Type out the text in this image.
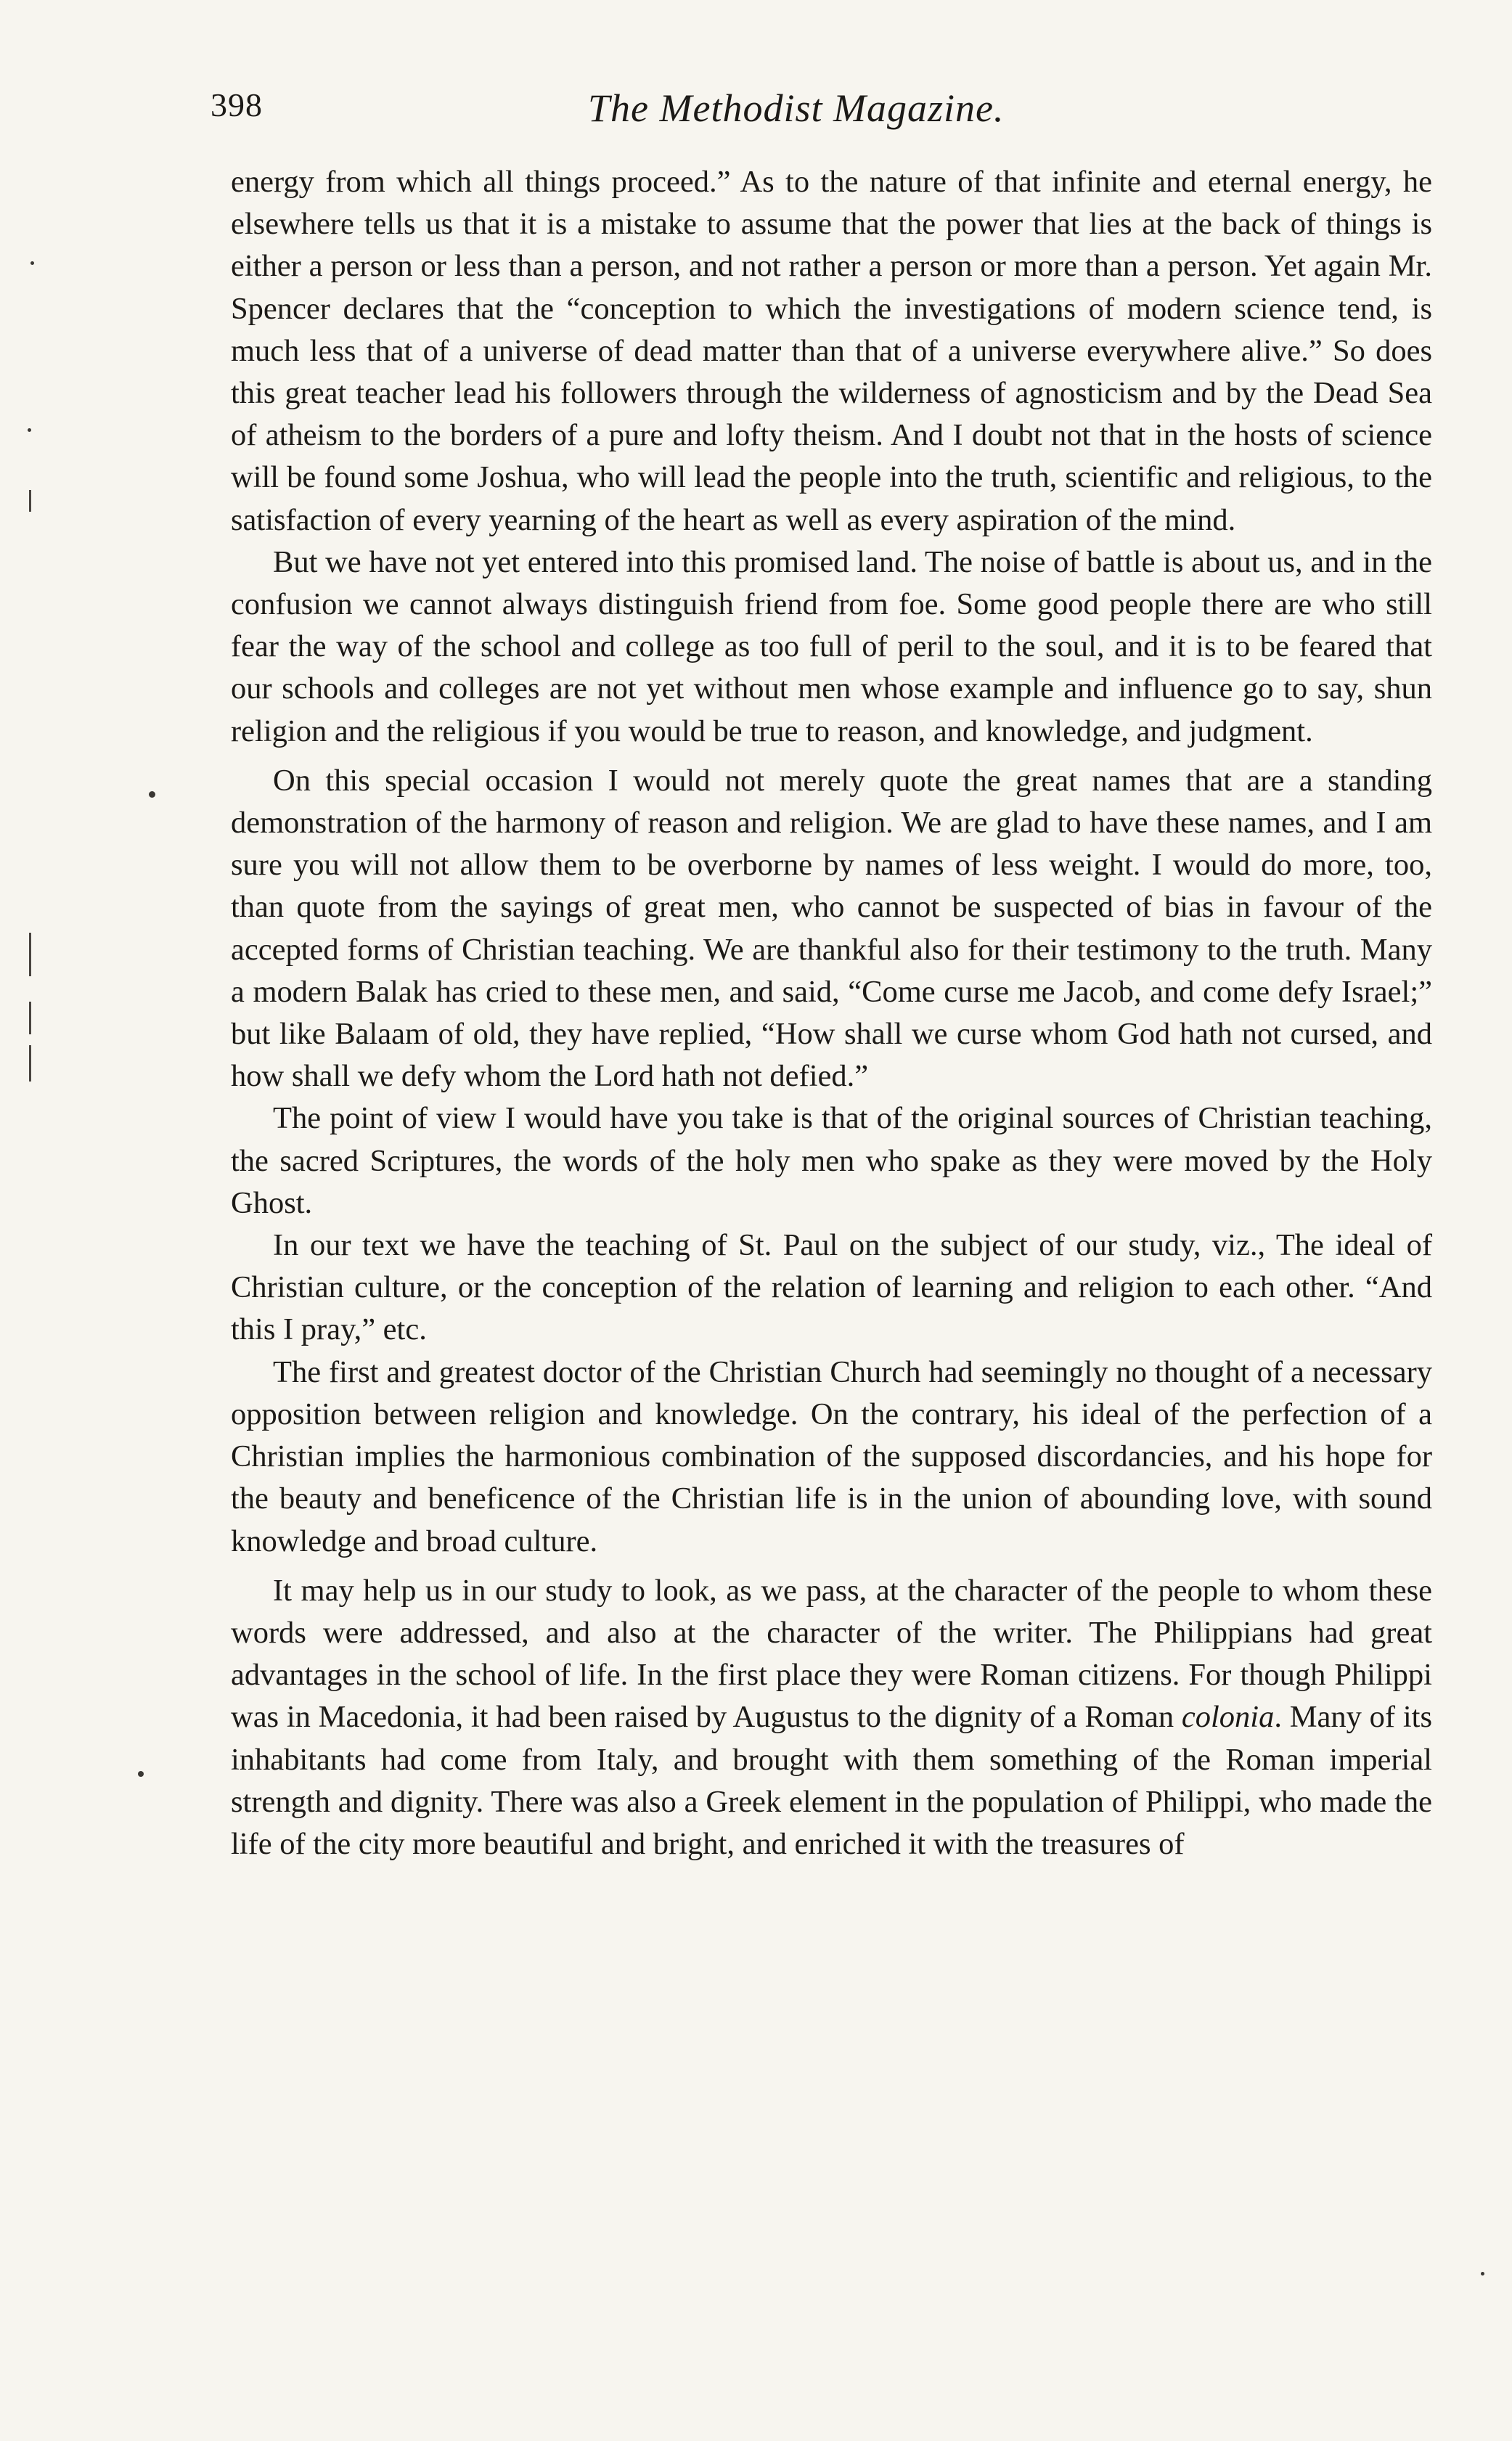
398	The Methodist Magazine.

energy from which all things proceed.” As to the nature of that infinite and eternal energy, he elsewhere tells us that it is a mistake to assume that the power that lies at the back of things is either a person or less than a person, and not rather a person or more than a person. Yet again Mr. Spencer declares that the “conception to which the investigations of modern science tend, is much less that of a universe of dead matter than that of a universe everywhere alive.” So does this great teacher lead his followers through the wilderness of agnosticism and by the Dead Sea of atheism to the borders of a pure and lofty theism. And I doubt not that in the hosts of science will be found some Joshua, who will lead the people into the truth, scientific and religious, to the satisfaction of every yearning of the heart as well as every aspiration of the mind.

But we have not yet entered into this promised land. The noise of battle is about us, and in the confusion we cannot always distinguish friend from foe. Some good people there are who still fear the way of the school and college as too full of peril to the soul, and it is to be feared that our schools and colleges are not yet without men whose example and influence go to say, shun religion and the religious if you would be true to reason, and knowledge, and judgment.

On this special occasion I would not merely quote the great names that are a standing demonstration of the harmony of reason and religion. We are glad to have these names, and I am sure you will not allow them to be overborne by names of less weight. I would do more, too, than quote from the sayings of great men, who cannot be suspected of bias in favour of the accepted forms of Christian teaching. We are thankful also for their testimony to the truth. Many a modern Balak has cried to these men, and said, “Come curse me Jacob, and come defy Israel;” but like Balaam of old, they have replied, “How shall we curse whom God hath not cursed, and how shall we defy whom the Lord hath not defied.”

The point of view I would have you take is that of the original sources of Christian teaching, the sacred Scriptures, the words of the holy men who spake as they were moved by the Holy Ghost.

In our text we have the teaching of St. Paul on the subject of our study, viz., The ideal of Christian culture, or the conception of the relation of learning and religion to each other. “And this I pray,” etc.

The first and greatest doctor of the Christian Church had seemingly no thought of a necessary opposition between religion and knowledge. On the contrary, his ideal of the perfection of a Christian implies the harmonious combination of the supposed discordancies, and his hope for the beauty and beneficence of the Christian life is in the union of abounding love, with sound knowledge and broad culture.

It may help us in our study to look, as we pass, at the character of the people to whom these words were addressed, and also at the character of the writer. The Philippians had great advantages in the school of life. In the first place they were Roman citizens. For though Philippi was in Macedonia, it had been raised by Augustus to the dignity of a Roman colonia. Many of its inhabitants had come from Italy, and brought with them something of the Roman imperial strength and dignity. There was also a Greek element in the population of Philippi, who made the life of the city more beautiful and bright, and enriched it with the treasures of
